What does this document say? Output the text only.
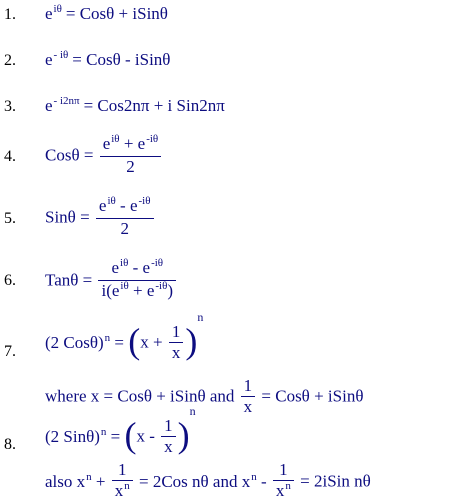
1. $e^{i\theta} = Cos\theta$ + iSinθ
2. $e^{- i\theta} = Cos\theta$ - iSinθ
3. $e^{- i2n\pi} = Cos2n\pi + i$ Sin2nπ
4. $Cos\theta = \frac{e^{i\theta} + e^{-i\theta}}{2}$
5. $Sin\theta = \frac{e^{i\theta} - e^{-i\theta}}{2}$
6. $Tan\theta = \frac{e^{i\theta} - e^{-i\theta}}{i(e^{i\theta} + e^{-i\theta})}$
7. (2 $Cos\theta)^n = (x + \frac{1}{x} )n$
where x = Cosθ + iSinθ and $\frac{1}{x} = Cos\theta$ + iSinθ
8. (2 $Sin\theta)^n = (x - \frac{1}{x} )n$
also $x^n + \frac{1}{x^n} = 2Cos$ nθ and $x^n - \frac{1}{x^n}$ = 2iSin nθ
